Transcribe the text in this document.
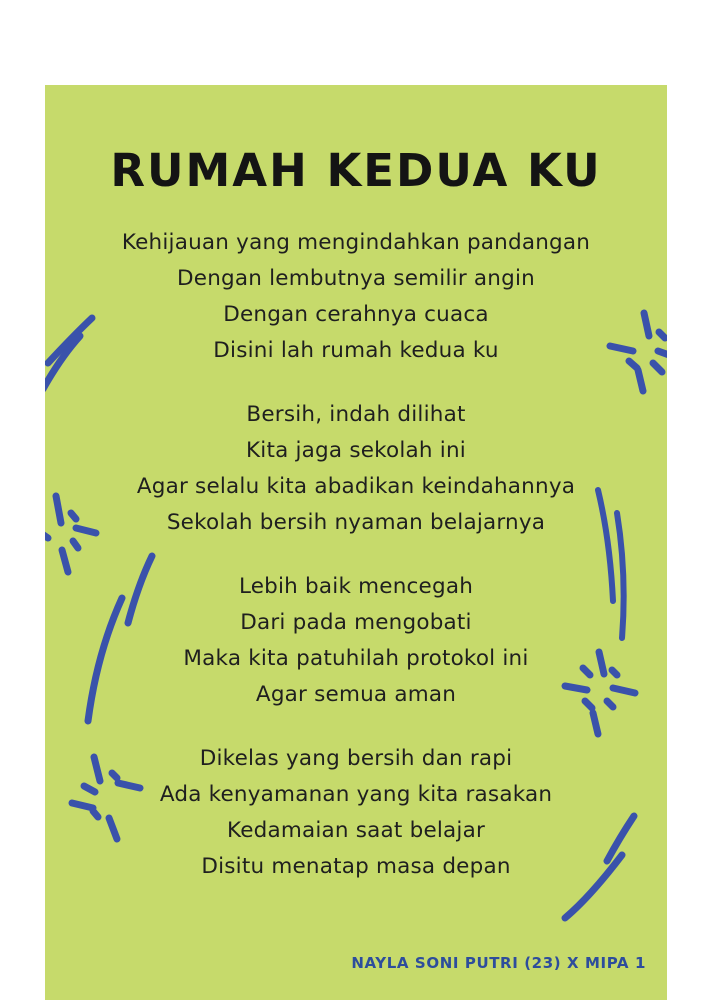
RUMAH KEDUA KU
Kehijauan yang mengindahkan pandangan
Dengan lembutnya semilir angin
Dengan cerahnya cuaca
Disini lah rumah kedua ku
Bersih, indah dilihat
Kita jaga sekolah ini
Agar selalu kita abadikan keindahannya
Sekolah bersih nyaman belajarnya
Lebih baik mencegah
Dari pada mengobati
Maka kita patuhilah protokol ini
Agar semua aman
Dikelas yang bersih dan rapi
Ada kenyamanan yang kita rasakan
Kedamaian saat belajar
Disitu menatap masa depan
NAYLA SONI PUTRI (23) X MIPA 1
